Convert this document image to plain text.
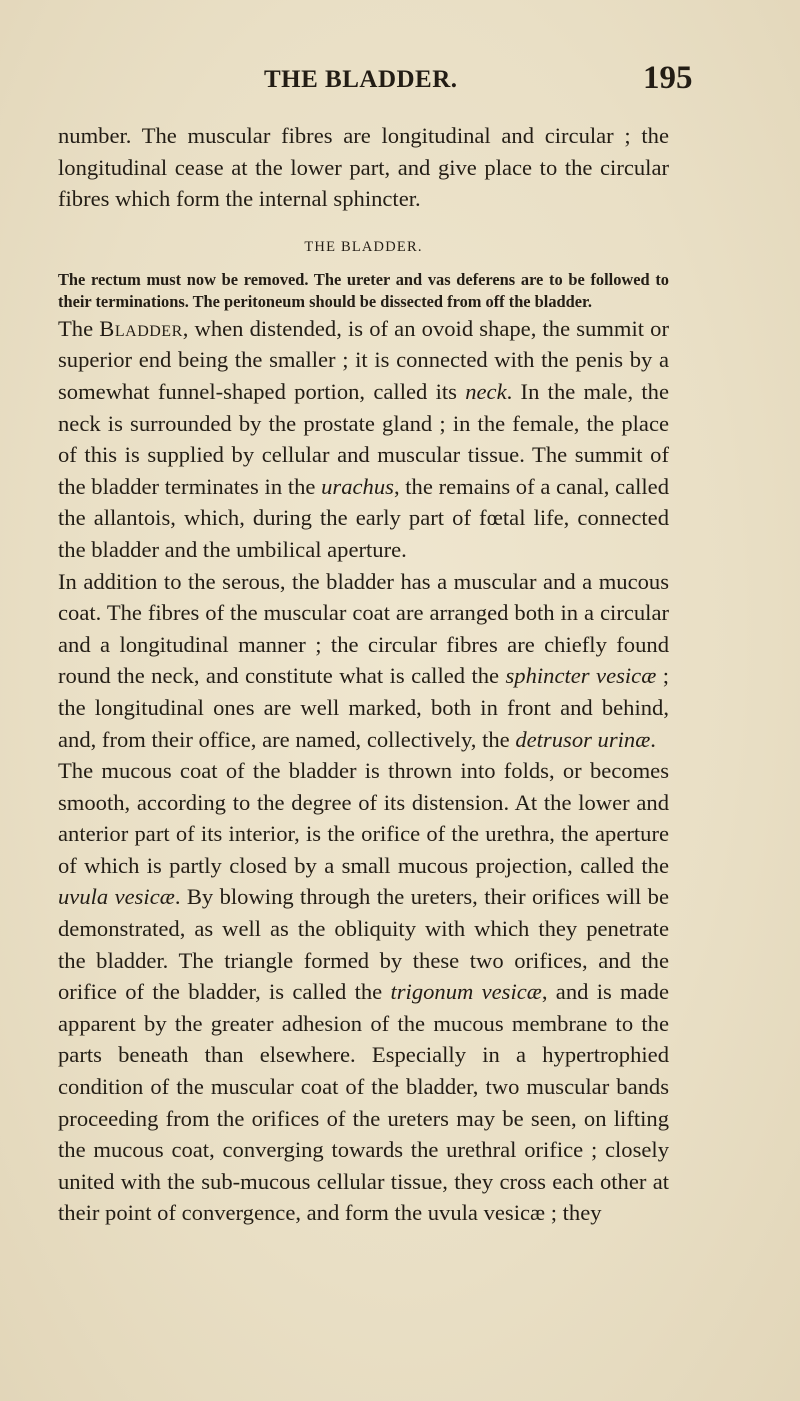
THE BLADDER.	195

number. The muscular fibres are longitudinal and circular ; the longitudinal cease at the lower part, and give place to the circular fibres which form the internal sphincter.

THE BLADDER.

The rectum must now be removed. The ureter and vas deferens are to be followed to their terminations. The peritoneum should be dissected from off the bladder.

The Bladder, when distended, is of an ovoid shape, the summit or superior end being the smaller ; it is connected with the penis by a somewhat funnel-shaped portion, called its neck. In the male, the neck is surrounded by the prostate gland ; in the female, the place of this is supplied by cellular and muscular tissue. The summit of the bladder terminates in the urachus, the remains of a canal, called the allantois, which, during the early part of fœtal life, connected the bladder and the umbilical aperture.

In addition to the serous, the bladder has a muscular and a mucous coat. The fibres of the muscular coat are arranged both in a circular and a longitudinal manner ; the circular fibres are chiefly found round the neck, and constitute what is called the sphincter vesicæ ; the longitudinal ones are well marked, both in front and behind, and, from their office, are named, collectively, the detrusor urinæ.

The mucous coat of the bladder is thrown into folds, or becomes smooth, according to the degree of its distension. At the lower and anterior part of its interior, is the orifice of the urethra, the aperture of which is partly closed by a small mucous projection, called the uvula vesicæ. By blowing through the ureters, their orifices will be demonstrated, as well as the obliquity with which they penetrate the bladder. The triangle formed by these two orifices, and the orifice of the bladder, is called the trigonum vesicæ, and is made apparent by the greater adhesion of the mucous membrane to the parts beneath than elsewhere. Especially in a hypertrophied condition of the muscular coat of the bladder, two muscular bands proceeding from the orifices of the ureters may be seen, on lifting the mucous coat, converging towards the urethral orifice ; closely united with the sub-mucous cellular tissue, they cross each other at their point of convergence, and form the uvula vesicæ ; they
